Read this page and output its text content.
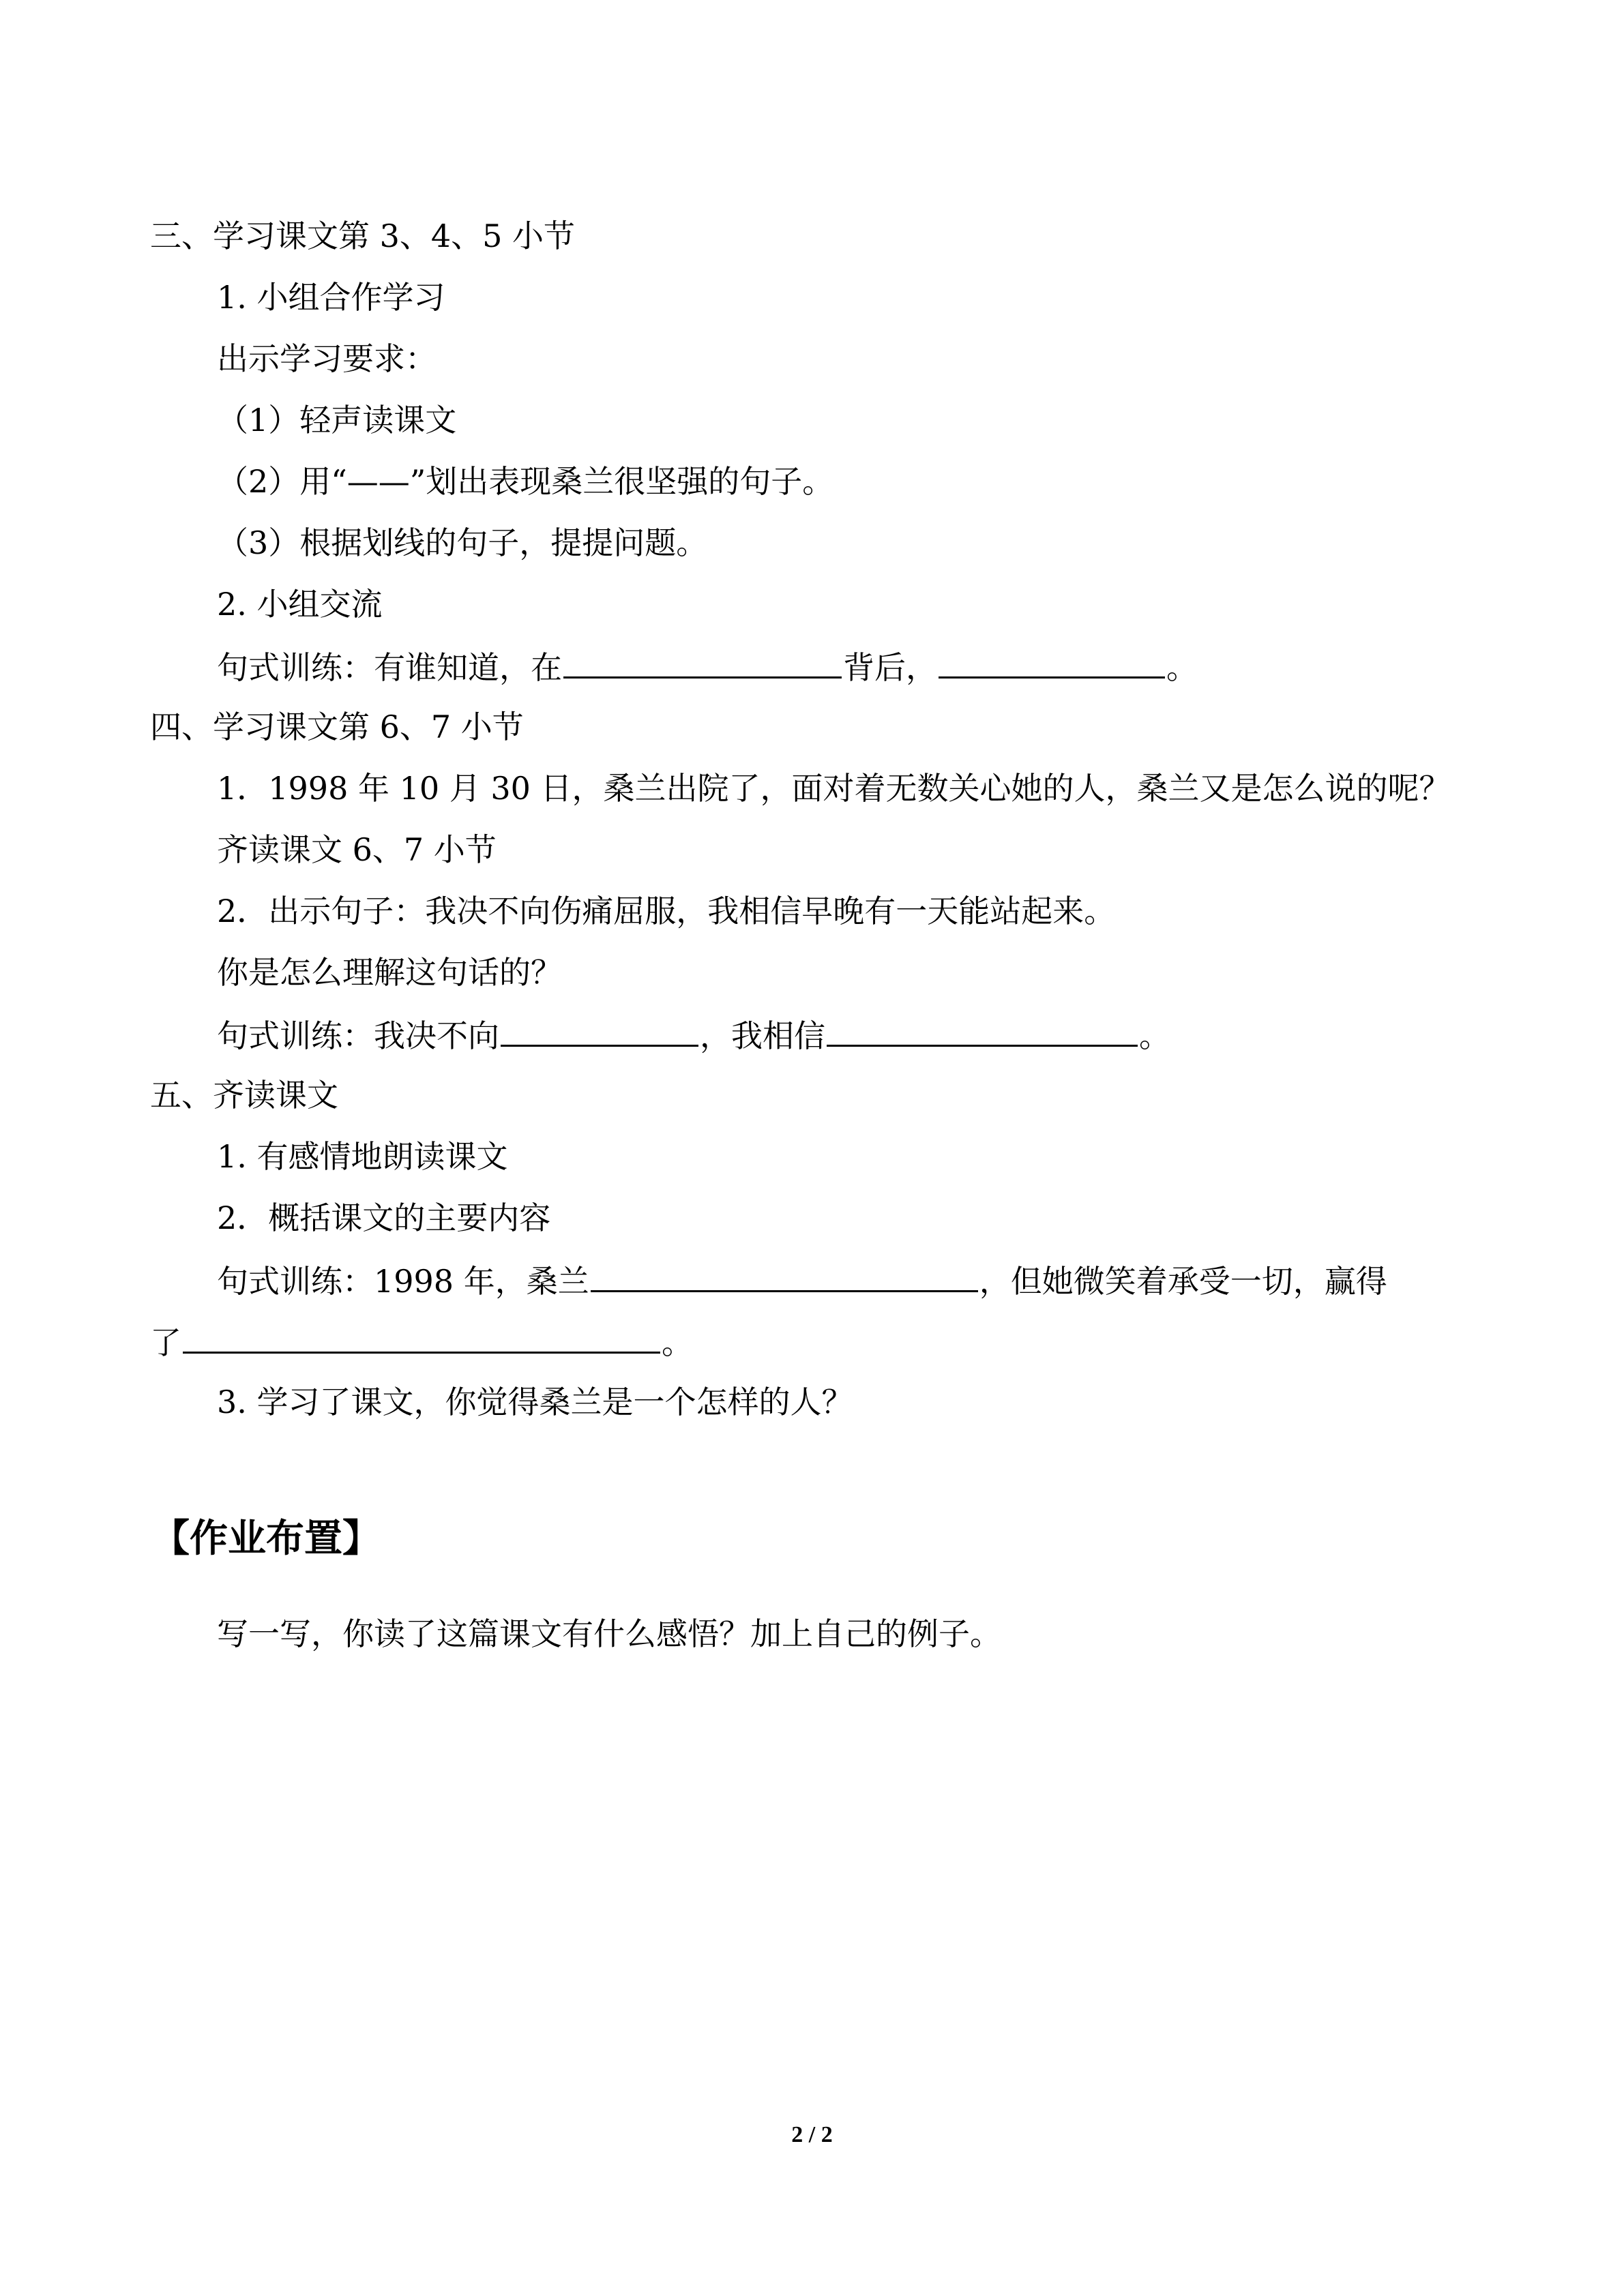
三、学习课文第 3、4、5 小节
1. 小组合作学习
出示学习要求：
（1）轻声读课文
（2）用“——”划出表现桑兰很坚强的句子。
（3）根据划线的句子，提提问题。
2. 小组交流
句式训练：有谁知道，在	背后，	。
四、学习课文第 6、7 小节
1．1998 年 10 月 30 日，桑兰出院了，面对着无数关心她的人，桑兰又是怎么说的呢？
齐读课文 6、7 小节
2．出示句子：我决不向伤痛屈服，我相信早晚有一天能站起来。
你是怎么理解这句话的？
句式训练：我决不向	，我相信	。
五、齐读课文
1. 有感情地朗读课文
2．概括课文的主要内容
句式训练：1998 年，桑兰	，但她微笑着承受一切，赢得
了	。
3. 学习了课文，你觉得桑兰是一个怎样的人？
【作业布置】
写一写，你读了这篇课文有什么感悟？加上自己的例子。
2 / 2
